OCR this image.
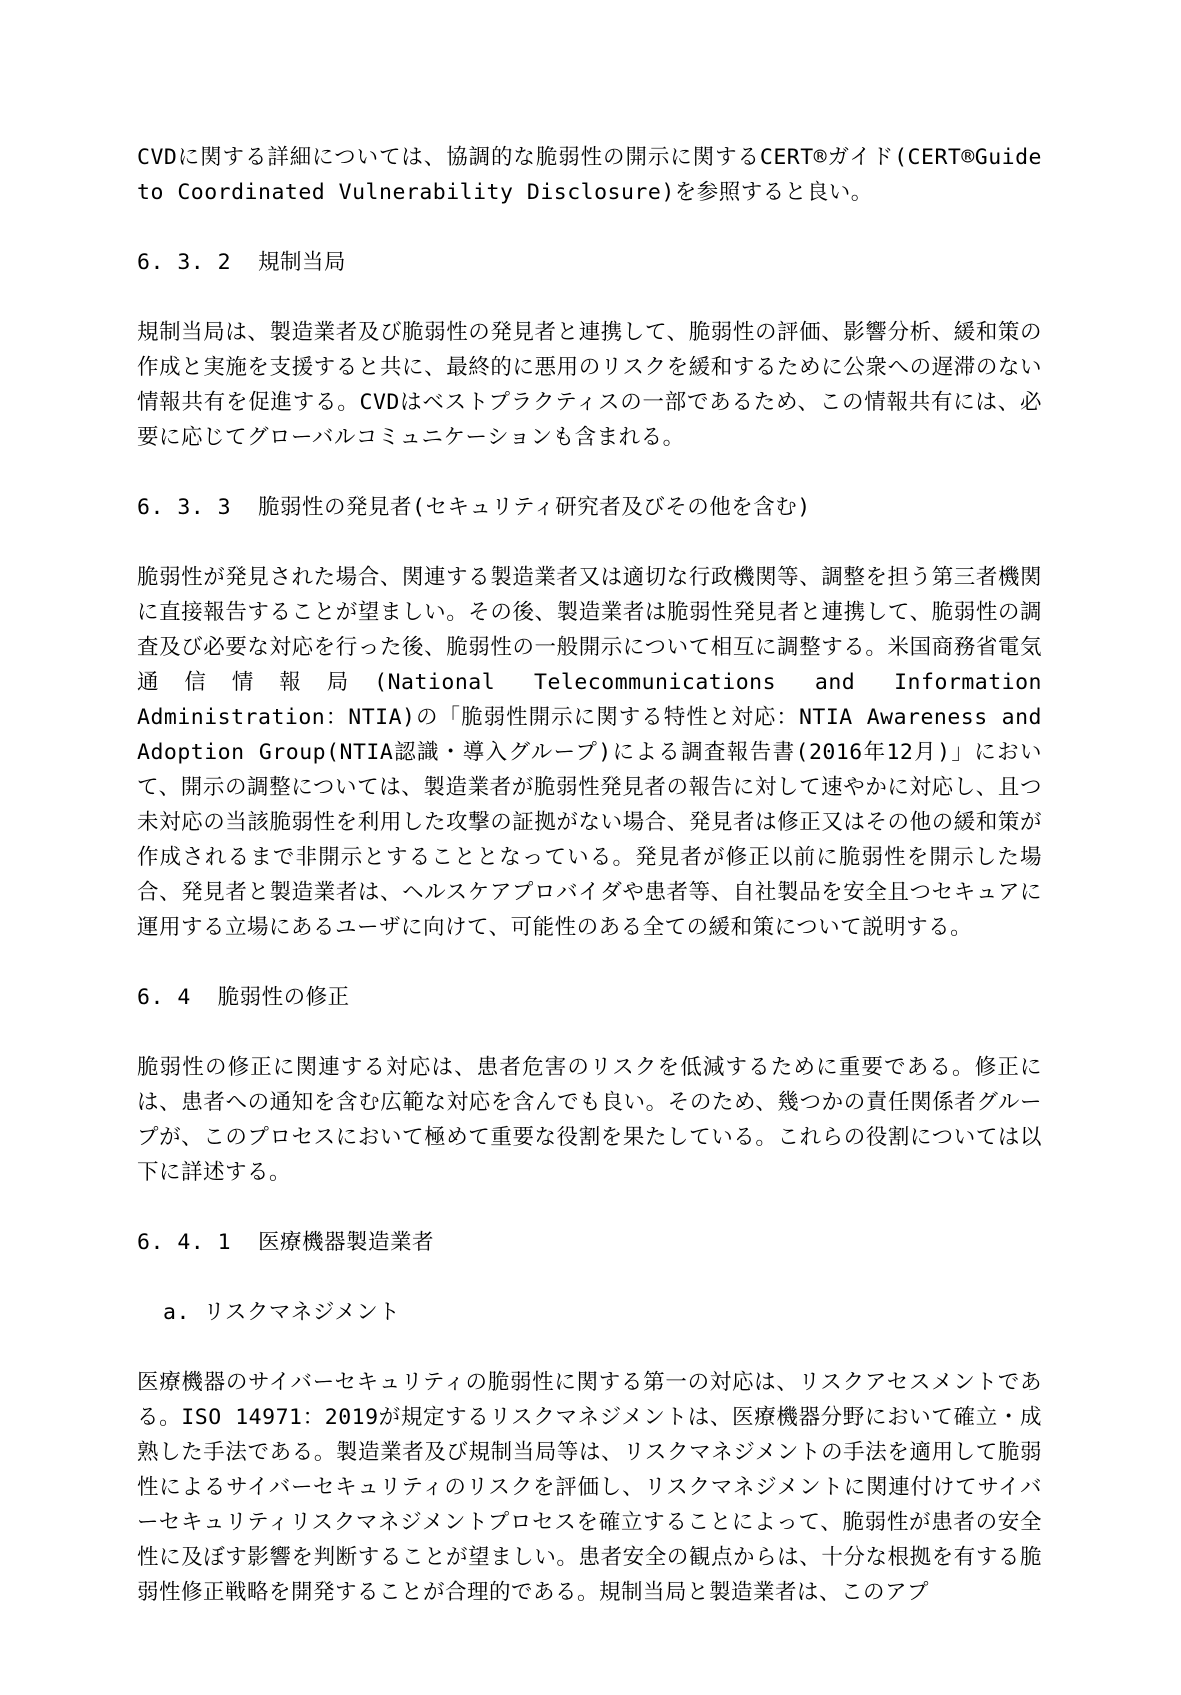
CVDに関する詳細については、協調的な脆弱性の開示に関するCERT®ガイド(CERT®Guide to Coordinated Vulnerability Disclosure)を参照すると良い。
6. 3. 2  規制当局
規制当局は、製造業者及び脆弱性の発見者と連携して、脆弱性の評価、影響分析、緩和策の作成と実施を支援すると共に、最終的に悪用のリスクを緩和するために公衆への遅滞のない情報共有を促進する。CVDはベストプラクティスの一部であるため、この情報共有には、必要に応じてグローバルコミュニケーションも含まれる。
6. 3. 3  脆弱性の発見者(セキュリティ研究者及びその他を含む)
脆弱性が発見された場合、関連する製造業者又は適切な行政機関等、調整を担う第三者機関に直接報告することが望ましい。その後、製造業者は脆弱性発見者と連携して、脆弱性の調査及び必要な対応を行った後、脆弱性の一般開示について相互に調整する。米国商務省電気通信情報局(National Telecommunications and Information Administration：NTIA)の「脆弱性開示に関する特性と対応：NTIA Awareness and Adoption Group(NTIA認識・導入グループ)による調査報告書(2016年12月)」において、開示の調整については、製造業者が脆弱性発見者の報告に対して速やかに対応し、且つ未対応の当該脆弱性を利用した攻撃の証拠がない場合、発見者は修正又はその他の緩和策が作成されるまで非開示とすることとなっている。発見者が修正以前に脆弱性を開示した場合、発見者と製造業者は、ヘルスケアプロバイダや患者等、自社製品を安全且つセキュアに運用する立場にあるユーザに向けて、可能性のある全ての緩和策について説明する。
6. 4  脆弱性の修正
脆弱性の修正に関連する対応は、患者危害のリスクを低減するために重要である。修正には、患者への通知を含む広範な対応を含んでも良い。そのため、幾つかの責任関係者グループが、このプロセスにおいて極めて重要な役割を果たしている。これらの役割については以下に詳述する。
6. 4. 1  医療機器製造業者
a. リスクマネジメント
医療機器のサイバーセキュリティの脆弱性に関する第一の対応は、リスクアセスメントである。ISO 14971：2019が規定するリスクマネジメントは、医療機器分野において確立・成熟した手法である。製造業者及び規制当局等は、リスクマネジメントの手法を適用して脆弱性によるサイバーセキュリティのリスクを評価し、リスクマネジメントに関連付けてサイバーセキュリティリスクマネジメントプロセスを確立することによって、脆弱性が患者の安全性に及ぼす影響を判断することが望ましい。患者安全の観点からは、十分な根拠を有する脆弱性修正戦略を開発することが合理的である。規制当局と製造業者は、このアプ
